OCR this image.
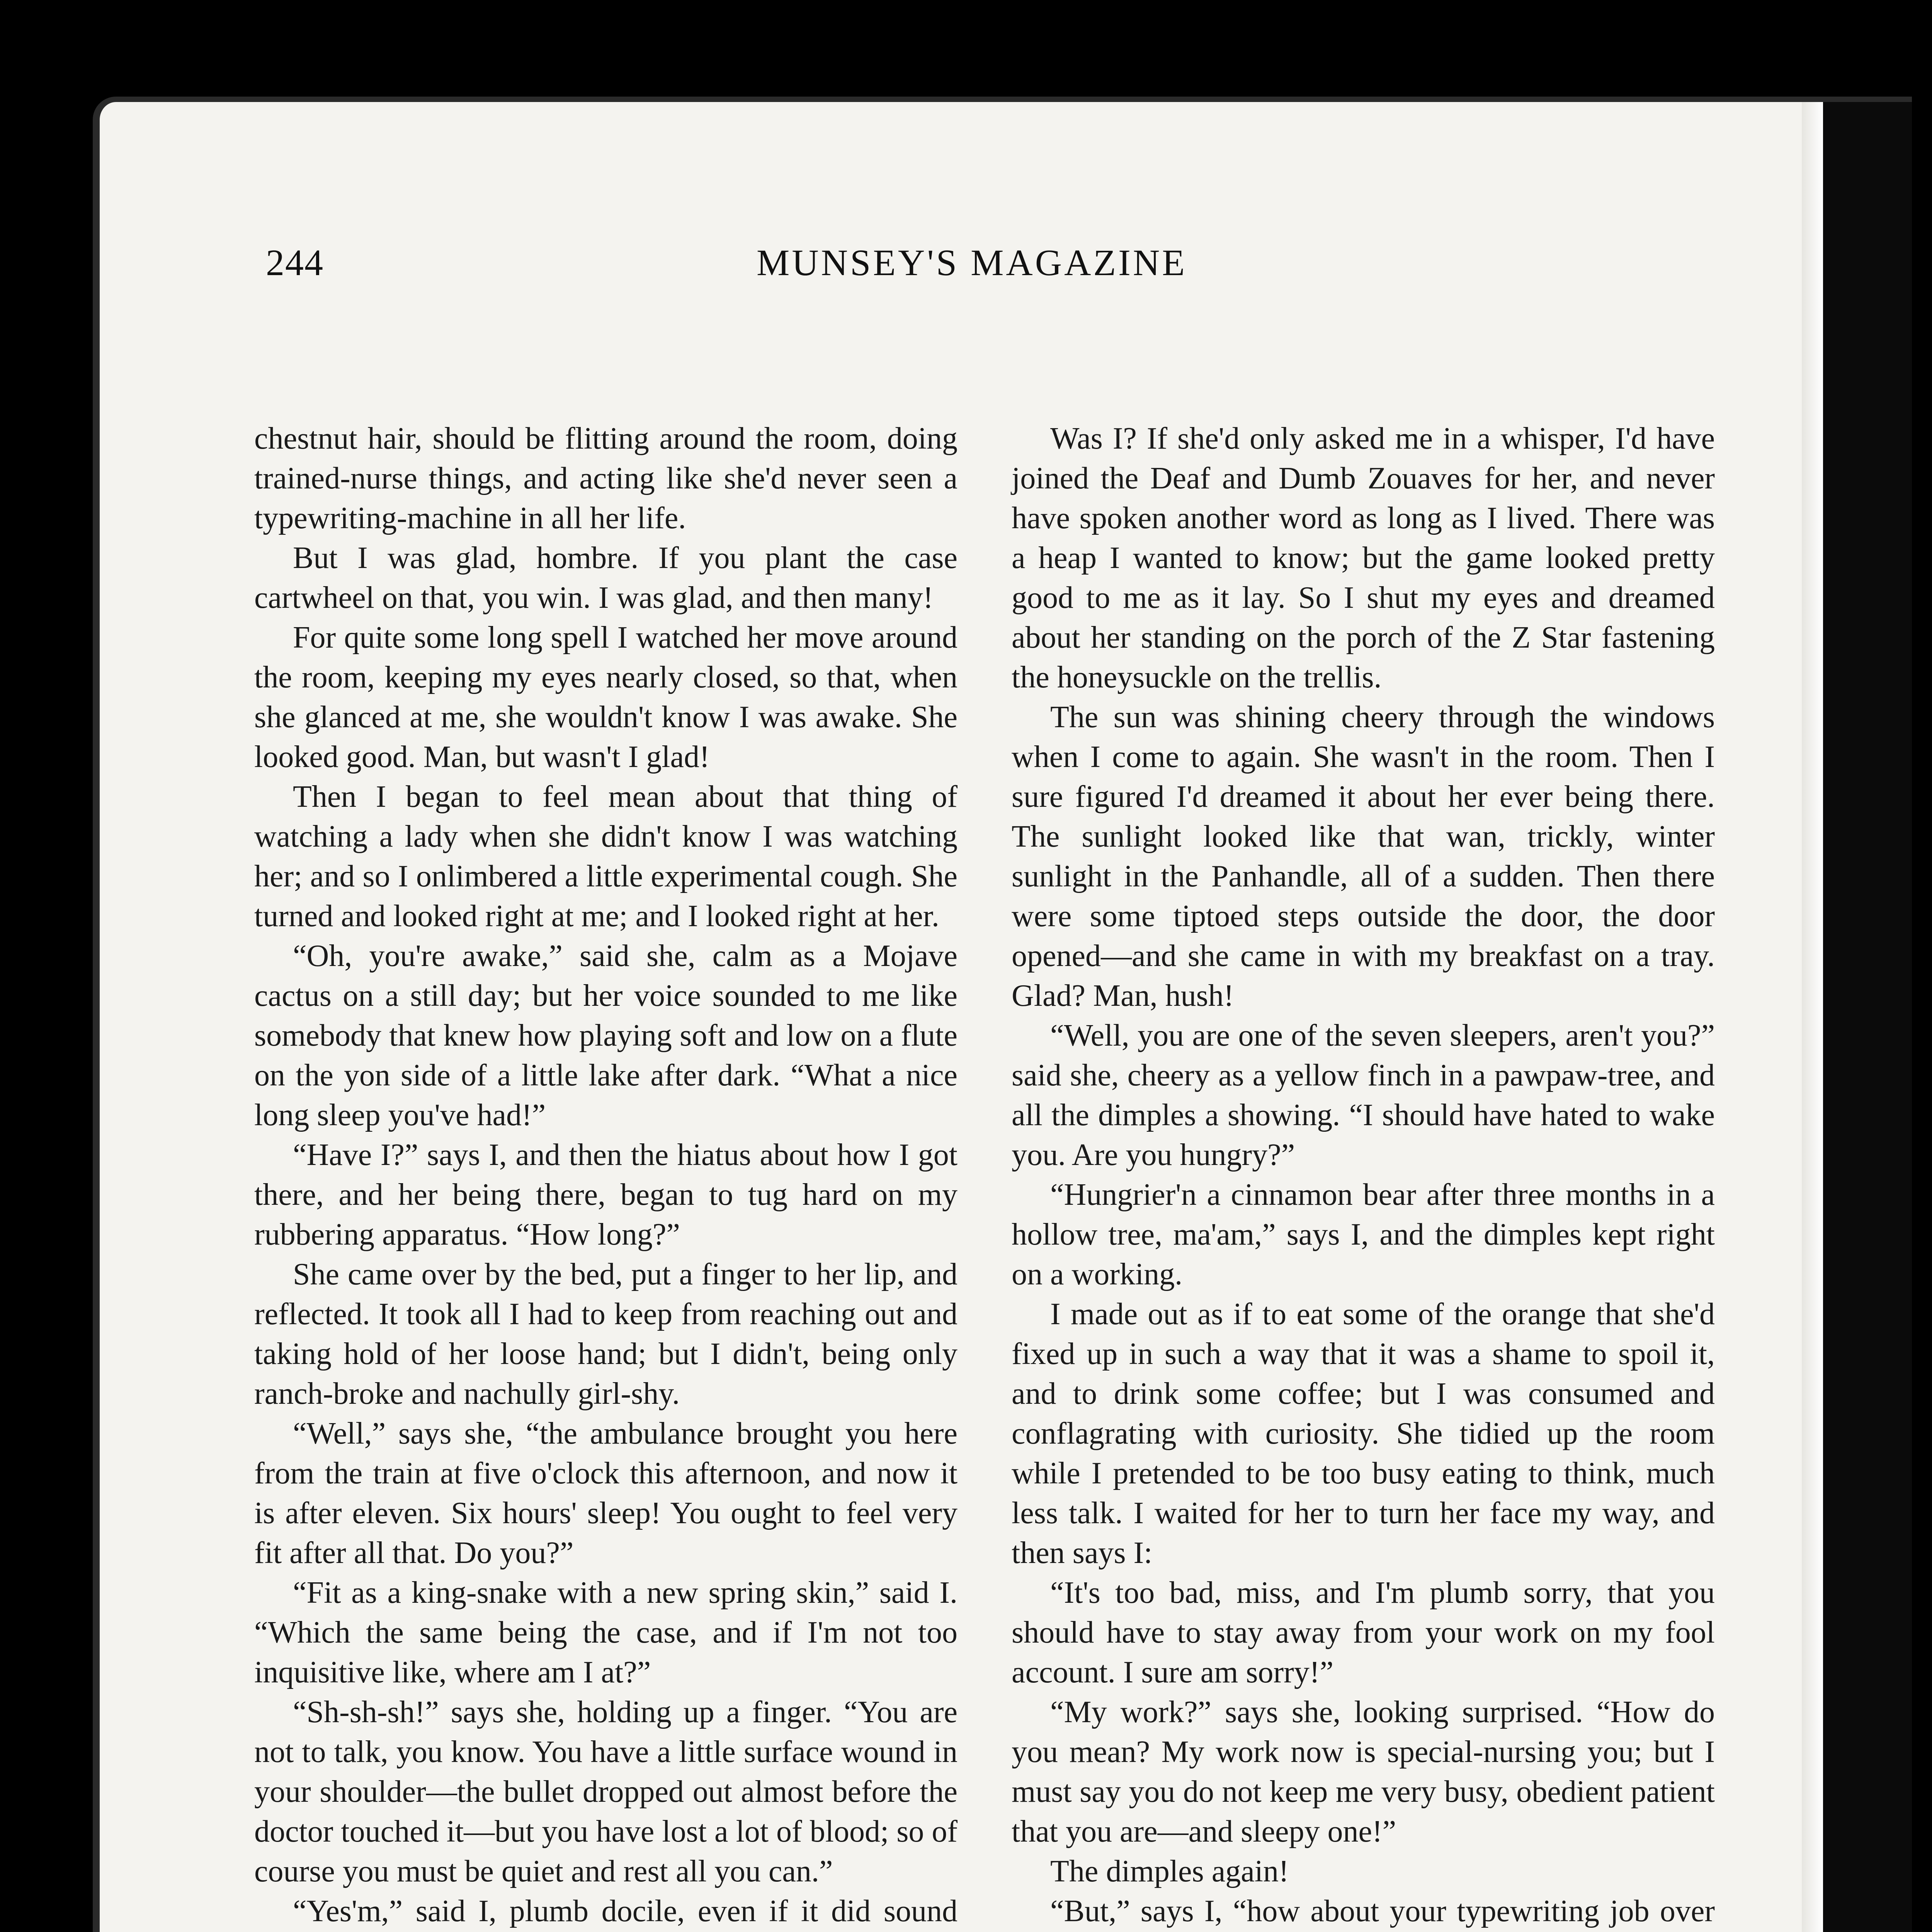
244	MUNSEY'S MAGAZINE

chestnut hair, should be flitting around the room, doing trained-nurse things, and acting like she'd never seen a typewriting-machine in all her life.

But I was glad, hombre. If you plant the case cartwheel on that, you win. I was glad, and then many!

For quite some long spell I watched her move around the room, keeping my eyes nearly closed, so that, when she glanced at me, she wouldn't know I was awake. She looked good. Man, but wasn't I glad!

Then I began to feel mean about that thing of watching a lady when she didn't know I was watching her; and so I onlimbered a little experimental cough. She turned and looked right at me; and I looked right at her.

“Oh, you're awake,” said she, calm as a Mojave cactus on a still day; but her voice sounded to me like somebody that knew how playing soft and low on a flute on the yon side of a little lake after dark. “What a nice long sleep you've had!”

“Have I?” says I, and then the hiatus about how I got there, and her being there, began to tug hard on my rubbering apparatus. “How long?”

She came over by the bed, put a finger to her lip, and reflected. It took all I had to keep from reaching out and taking hold of her loose hand; but I didn't, being only ranch-broke and nachully girl-shy.

“Well,” says she, “the ambulance brought you here from the train at five o'clock this afternoon, and now it is after eleven. Six hours' sleep! You ought to feel very fit after all that. Do you?”

“Fit as a king-snake with a new spring skin,” said I. “Which the same being the case, and if I'm not too inquisitive like, where am I at?”

“Sh-sh-sh!” says she, holding up a finger. “You are not to talk, you know. You have a little surface wound in your shoulder—the bullet dropped out almost before the doctor touched it—but you have lost a lot of blood; so of course you must be quiet and rest all you can.”

“Yes'm,” said I, plumb docile, even if it did sound

Was I? If she'd only asked me in a whisper, I'd have joined the Deaf and Dumb Zouaves for her, and never have spoken another word as long as I lived. There was a heap I wanted to know; but the game looked pretty good to me as it lay. So I shut my eyes and dreamed about her standing on the porch of the Z Star fastening the honeysuckle on the trellis.

The sun was shining cheery through the windows when I come to again. She wasn't in the room. Then I sure figured I'd dreamed it about her ever being there. The sunlight looked like that wan, trickly, winter sunlight in the Panhandle, all of a sudden. Then there were some tiptoed steps outside the door, the door opened—and she came in with my breakfast on a tray. Glad? Man, hush!

“Well, you are one of the seven sleepers, aren't you?” said she, cheery as a yellow finch in a pawpaw-tree, and all the dimples a showing. “I should have hated to wake you. Are you hungry?”

“Hungrier'n a cinnamon bear after three months in a hollow tree, ma'am,” says I, and the dimples kept right on a working.

I made out as if to eat some of the orange that she'd fixed up in such a way that it was a shame to spoil it, and to drink some coffee; but I was consumed and conflagrating with curiosity. She tidied up the room while I pretended to be too busy eating to think, much less talk. I waited for her to turn her face my way, and then says I:

“It's too bad, miss, and I'm plumb sorry, that you should have to stay away from your work on my fool account. I sure am sorry!”

“My work?” says she, looking surprised. “How do you mean? My work now is special-nursing you; but I must say you do not keep me very busy, obedient patient that you are—and sleepy one!”

The dimples again!

“But,” says I, “how about your typewriting job over
